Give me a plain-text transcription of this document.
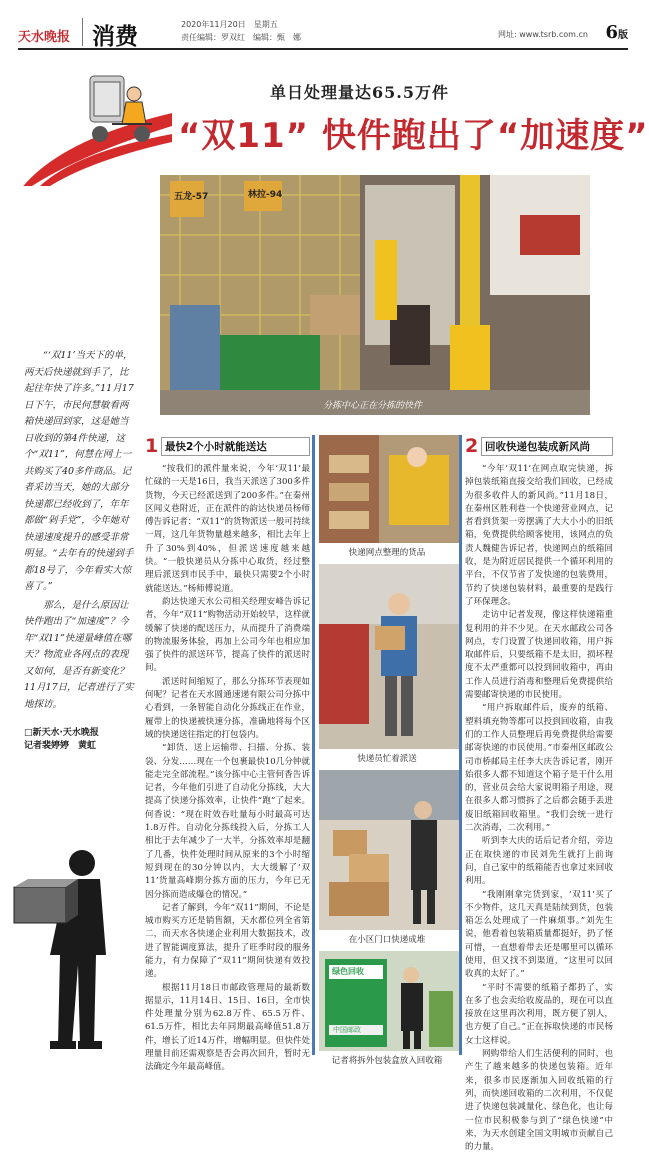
天水晚报 消费	2020年11月20日　星期五
责任编辑：罗双红　编辑：甄　娜	网址: www.tsrb.com.cn 6版
单日处理量达65.5万件
“双11” 快件跑出了“加速度”
五龙-57	林拉-94
分拣中心正在分拣的快件

“‘双11’当天下的单，两天后快递就到手了，比起往年快了许多。”11月17日下午，市民何慧敏看两箱快递回到家，这是她当日收到的第4件快递，这个“双11”，何慧在网上一共购买了40多件商品。记者采访当天，她的大部分快递都已经收到了，年年都做“剁手党”，今年她对快递速度提升的感受非常明显。“去年有的快递到手都18号了，今年看实大惊喜了。”

那么，是什么原因让快件跑出了“加速度”？今年“双11”快递量峰值在哪天？物流业各网点的表现又如何，是否有新变化？11月17日，记者进行了实地探访。

□新天水·天水晚报
记者裴婷婷　黄虹
1 最快2个小时就能送达

“按我们的派件量来说，今年‘双11’最忙碌的一天是16日，我当天派送了300多件货物，今天已经派送到了200多件。”在秦州区闻义巷附近，正在派件的韵达快递员杨师傅告诉记者：“双11”的货物派送一般可持续一周，这几年货物量越来越多，相比去年上升了30%到40%，但派送速度越来越快。“一般快递员从分拣中心取货，经过整理后派送到市民手中，最快只需要2个小时就能送达。”杨师傅说道。

韵达快递天水公司相关经理安峰告诉记者，今年“双11”购物活动开始较早，这样就缓解了快递的配送压力，从而提升了消费端的物流服务体验，再加上公司今年也相应加强了快件的派送环节，提高了快件的派送时间。

派送时间缩短了，那么分拣环节表现如何呢？记者在天水圆通速递有限公司分拣中心看到，一条智能自动化分拣线正在作业，履带上的快递被快速分拣，准确地将每个区域的快递送往指定的打包袋内。

“卸货、送上运输带、扫描、分拣、装袋、分发……现在一个包裹最快10几分钟就能走完全部流程。”该分拣中心主管何香告诉记者，今年他们引进了自动化分拣线，大大提高了快递分拣效率，让快件“跑”了起来。何香说：“现在时效吞吐量每小时最高可达1.8万件。自动化分拣线投入后，分拣工人相比于去年减少了一大半，分拣效率却是翻了几番，快件处理时间从原来的3个小时缩短到现在的30分钟以内，大大缓解了‘双11’货量高峰期分拣方面的压力，今年已无因分拣而造成爆仓的情况。”

记者了解到，今年“双11”期间，不论是城市购买方还是销售额，天水都位列全省第二，而天水各快递企业利用大数据技术，改进了智能调度算法，提升了旺季时段的服务能力，有力保障了“双11”期间快递有效投递。

根据11月18日市邮政管理局的最新数据显示，11月14日、15日、16日，全市快件处理量分别为62.8万件、65.5万件、61.5万件，相比去年同期最高峰值51.8万件，增长了近14万件，增幅明显。但快件处理量目前还需观察是否会再次回升，暂时无法确定今年最高峰值。

快递网点整理的货品
快递员忙着派送
在小区门口快递成堆
绿色回收
中国邮政
记者将拆外包装盒放入回收箱
2 回收快递包装成新风尚

“今年‘双11’在网点取完快递，拆掉包装纸箱直接交给我们回收，已经成为很多收件人的新风尚。”11月18日，在秦州区胜利巷一个快递营业网点，记者看到货架一旁摆满了大大小小的旧纸箱，免费提供给顾客使用，该网点的负责人魏健告诉记者，快递网点的纸箱回收，是为附近居民提供一个循环利用的平台，不仅节省了发快递的包装费用，节约了快递包装材料，最重要的是践行了环保理念。

走访中记者发现，像这样快递箱重复利用的并不少见。在天水邮政公司各网点，专门设置了快递回收箱，用户拆取邮件后，只要纸箱不是太旧，损坏程度不太严重都可以投到回收箱中，再由工作人员进行消毒和整理后免费提供给需要邮寄快递的市民使用。

“用户拆取邮件后，废弃的纸箱、塑料填充物等都可以投到回收箱，由我们的工作人员整理后再免费提供给需要邮寄快递的市民使用。”市秦州区邮政公司市桥邮局主任李大庆告诉记者，刚开始很多人都不知道这个箱子是干什么用的，营业员会给大家说明箱子用途，现在很多人都习惯拆了之后都会随手丢进废旧纸箱回收箱里。“我们会统一进行二次消毒，二次利用。”

听到李大庆的话后记者介绍，旁边正在取快递的市民刘先生就打上前询问，自己家中的纸箱能否也拿过来回收利用。

“我刚刚拿完货到家，‘双11’买了不少物件，这几天真是陆续到货，包装箱怎么处理成了一件麻烦事。”刘先生说，他看着包装箱质量都挺好，扔了怪可惜，一直想着带去还是哪里可以循环使用，但又找不到渠道，“这里可以回收真的太好了。”

“平时不需要的纸箱子都扔了，实在多了也会卖给收废品的，现在可以直接放在这里再次利用，既方便了别人，也方便了自己。”正在拆取快递的市民杨女士这样说。

网购带给人们生活便利的同时，也产生了越来越多的快递包装箱。近年来，很多市民逐渐加入回收纸箱的行列，而快递回收箱的二次利用，不仅促进了快递包装减量化、绿色化，也让每一位市民积极参与到了“绿色快递”中来，为天水创建全国文明城市贡献自己的力量。
